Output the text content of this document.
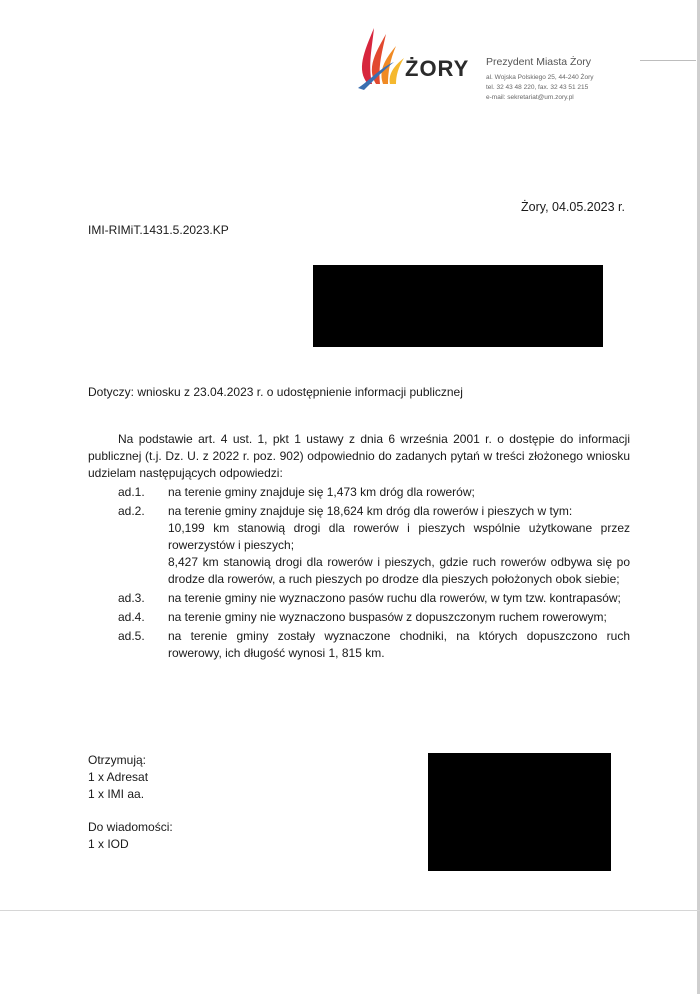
ŻORY Prezydent Miasta Żory
al. Wojska Polskiego 25, 44-240 Żory
tel. 32 43 48 220, fax. 32 43 51 215
e-mail: sekretariat@um.zory.pl
Żory, 04.05.2023 r.
IMI-RIMiT.1431.5.2023.KP
Dotyczy: wniosku z 23.04.2023 r. o udostępnienie informacji publicznej

Na podstawie art. 4 ust. 1, pkt 1 ustawy z dnia 6 września 2001 r. o dostępie do informacji publicznej (t.j. Dz. U. z 2022 r. poz. 902) odpowiednio do zadanych pytań w treści złożonego wniosku udzielam następujących odpowiedzi:

ad.1.	na terenie gminy znajduje się 1,473 km dróg dla rowerów;

ad.2.	na terenie gminy znajduje się 18,624 km dróg dla rowerów i pieszych w tym:

10,199 km stanowią drogi dla rowerów i pieszych wspólnie użytkowane przez rowerzystów i pieszych;

8,427 km stanowią drogi dla rowerów i pieszych, gdzie ruch rowerów odbywa się po drodze dla rowerów, a ruch pieszych po drodze dla pieszych położonych obok siebie;

ad.3.	na terenie gminy nie wyznaczono pasów ruchu dla rowerów, w tym tzw. kontrapasów;

ad.4.	na terenie gminy nie wyznaczono buspasów z dopuszczonym ruchem rowerowym;

ad.5.	na terenie gminy zostały wyznaczone chodniki, na których dopuszczono ruch rowerowy, ich długość wynosi 1, 815 km.

Otrzymują:
1 x Adresat
1 x IMI aa.
Do wiadomości:
1 x IOD
